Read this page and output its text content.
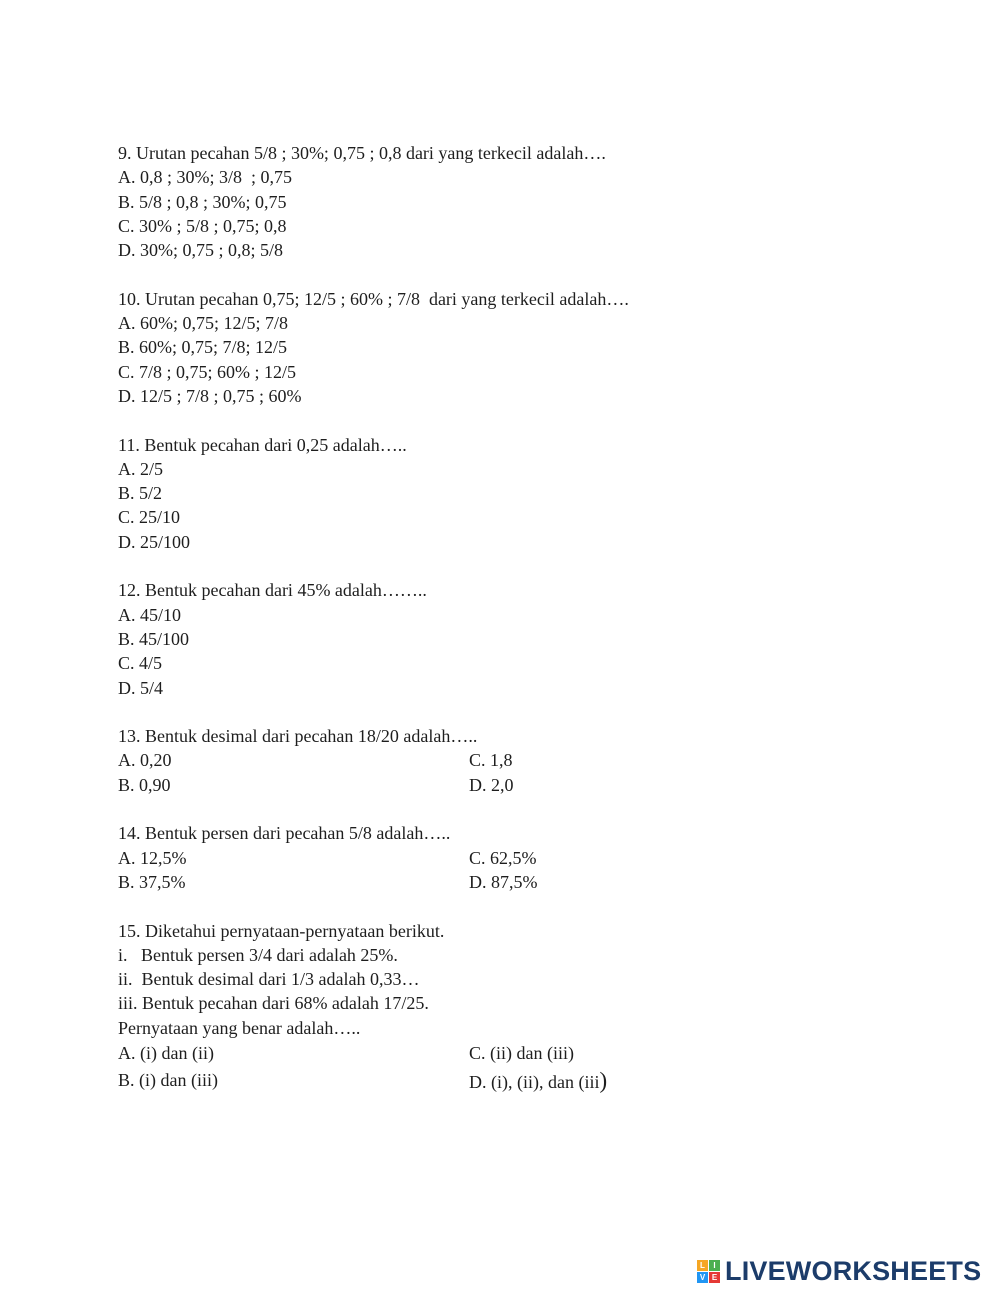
9. Urutan pecahan 5/8 ; 30%; 0,75 ; 0,8 dari yang terkecil adalah….
A. 0,8 ; 30%; 3/8  ; 0,75
B. 5/8 ; 0,8 ; 30%; 0,75
C. 30% ; 5/8 ; 0,75; 0,8
D. 30%; 0,75 ; 0,8; 5/8
10. Urutan pecahan 0,75; 12/5 ; 60% ; 7/8  dari yang terkecil adalah….
A. 60%; 0,75; 12/5; 7/8
B. 60%; 0,75; 7/8; 12/5
C. 7/8 ; 0,75; 60% ; 12/5
D. 12/5 ; 7/8 ; 0,75 ; 60%
11. Bentuk pecahan dari 0,25 adalah…..
A. 2/5
B. 5/2
C. 25/10
D. 25/100
12. Bentuk pecahan dari 45% adalah……..
A. 45/10
B. 45/100
C. 4/5
D. 5/4
13. Bentuk desimal dari pecahan 18/20 adalah…..
A. 0,20	C. 1,8
B. 0,90	D. 2,0
14. Bentuk persen dari pecahan 5/8 adalah…..
A. 12,5%	C. 62,5%
B. 37,5%	D. 87,5%
15. Diketahui pernyataan-pernyataan berikut.
i.   Bentuk persen 3/4 dari adalah 25%.
ii.  Bentuk desimal dari 1/3 adalah 0,33…
iii. Bentuk pecahan dari 68% adalah 17/25.
Pernyataan yang benar adalah…..
A. (i) dan (ii)	C. (ii) dan (iii)
B. (i) dan (iii)	D. (i), (ii), dan (iii)
L	I
V E LIVEWORKSHEETS
